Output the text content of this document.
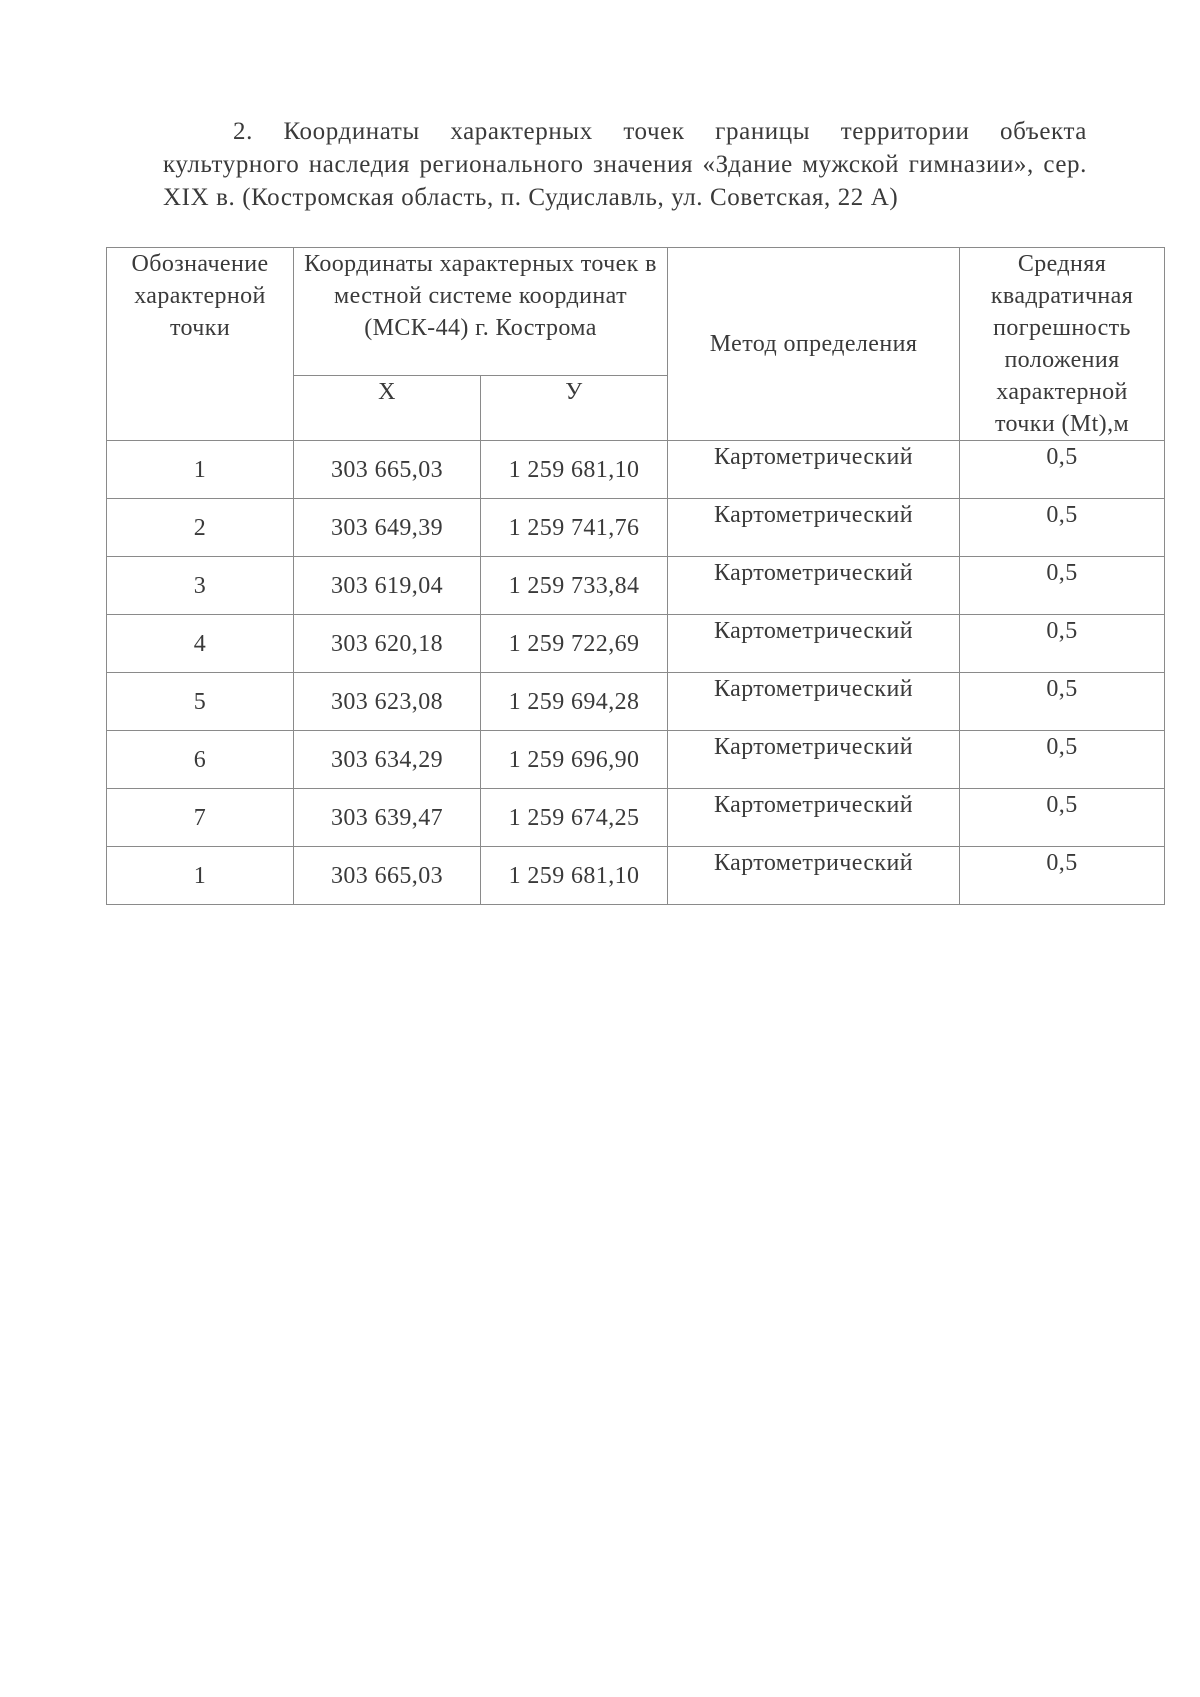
2. Координаты характерных точек границы территории объекта культурного наследия регионального значения «Здание мужской гимназии», сер. XIX в. (Костромская область, п. Судиславль, ул. Советская, 22 А)
Обозначение характерной точки	Координаты характерных точек в местной системе координат (МСК-44) г. Кострома		Метод определения	Средняя квадратичная погрешность положения характерной точки (Mt),м
	X	У		
1	303 665,03	1 259 681,10	Картометрический	0,5
2	303 649,39	1 259 741,76	Картометрический	0,5
3	303 619,04	1 259 733,84	Картометрический	0,5
4	303 620,18	1 259 722,69	Картометрический	0,5
5	303 623,08	1 259 694,28	Картометрический	0,5
6	303 634,29	1 259 696,90	Картометрический	0,5
7	303 639,47	1 259 674,25	Картометрический	0,5
1	303 665,03	1 259 681,10	Картометрический	0,5
